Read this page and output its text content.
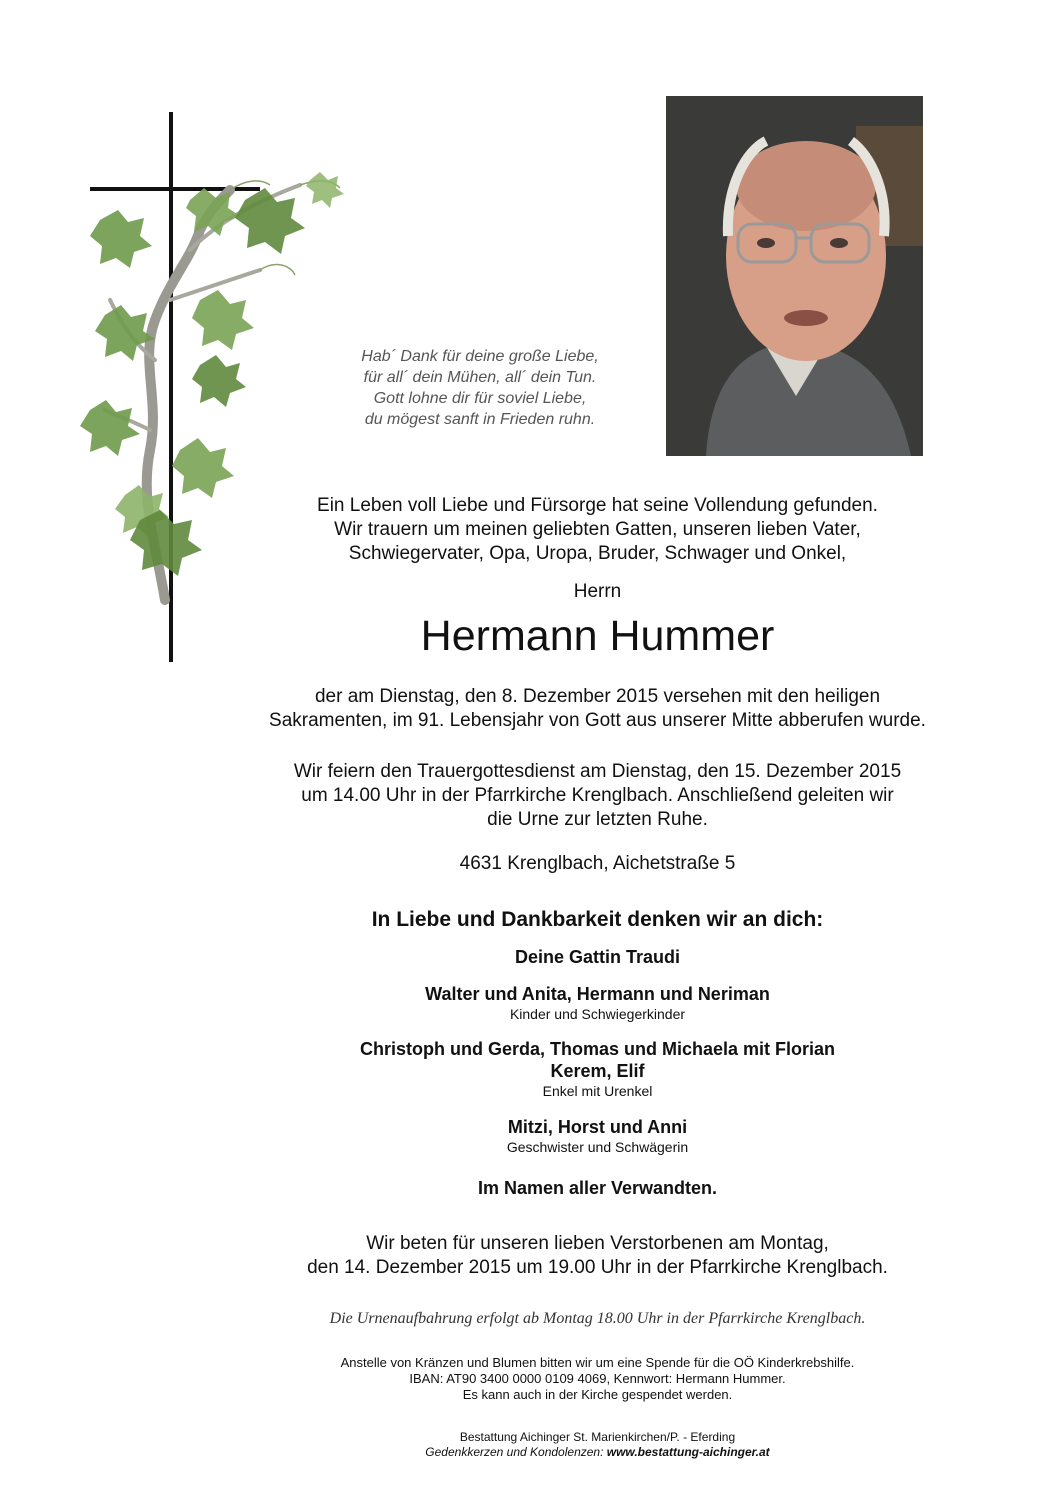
Hab´ Dank für deine große Liebe,
für all´ dein Mühen, all´ dein Tun.
Gott lohne dir für soviel Liebe,
du mögest sanft in Frieden ruhn.
Ein Leben voll Liebe und Fürsorge hat seine Vollendung gefunden.
Wir trauern um meinen geliebten Gatten, unseren lieben Vater,
Schwiegervater, Opa, Uropa, Bruder, Schwager und Onkel,
Herrn
Hermann Hummer
der am Dienstag, den 8. Dezember 2015 versehen mit den heiligen
Sakramenten, im 91. Lebensjahr von Gott aus unserer Mitte abberufen wurde.
Wir feiern den Trauergottesdienst am Dienstag, den 15. Dezember 2015
um 14.00 Uhr in der Pfarrkirche Krenglbach. Anschließend geleiten wir
die Urne zur letzten Ruhe.
4631 Krenglbach, Aichetstraße 5
In Liebe und Dankbarkeit denken wir an dich:
Deine Gattin Traudi
Walter und Anita, Hermann und Neriman
Kinder und Schwiegerkinder
Christoph und Gerda, Thomas und Michaela mit Florian
Kerem, Elif
Enkel mit Urenkel
Mitzi, Horst und Anni
Geschwister und Schwägerin
Im Namen aller Verwandten.
Wir beten für unseren lieben Verstorbenen am Montag,
den 14. Dezember 2015 um 19.00 Uhr in der Pfarrkirche Krenglbach.
Die Urnenaufbahrung erfolgt ab Montag 18.00 Uhr in der Pfarrkirche Krenglbach.
Anstelle von Kränzen und Blumen bitten wir um eine Spende für die OÖ Kinderkrebshilfe.
IBAN: AT90 3400 0000 0109 4069, Kennwort: Hermann Hummer.
Es kann auch in der Kirche gespendet werden.
Bestattung Aichinger St. Marienkirchen/P. - Eferding
Gedenkkerzen und Kondolenzen: www.bestattung-aichinger.at
